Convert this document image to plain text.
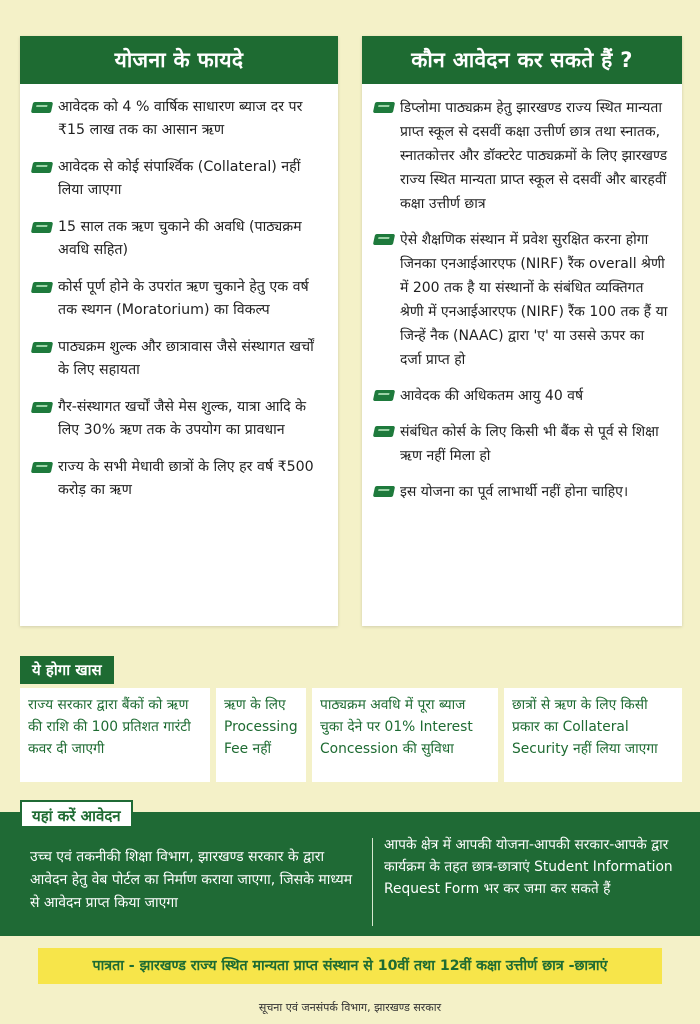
योजना के फायदे
आवेदक को 4 % वार्षिक साधारण ब्याज दर पर ₹15 लाख तक का आसान ऋण
आवेदक से कोई संपार्श्विक (Collateral) नहीं लिया जाएगा
15 साल तक ऋण चुकाने की अवधि (पाठ्यक्रम अवधि सहित)
कोर्स पूर्ण होने के उपरांत ऋण चुकाने हेतु एक वर्ष तक स्थगन (Moratorium) का विकल्प
पाठ्यक्रम शुल्क और छात्रावास जैसे संस्थागत खर्चों के लिए सहायता
गैर-संस्थागत खर्चों जैसे मेस शुल्क, यात्रा आदि के लिए 30% ऋण तक के उपयोग का प्रावधान
राज्य के सभी मेधावी छात्रों के लिए हर वर्ष ₹500 करोड़ का ऋण
कौन आवेदन कर सकते हैं ?
डिप्लोमा पाठ्यक्रम हेतु झारखण्ड राज्य स्थित मान्यता प्राप्त स्कूल से दसवीं कक्षा उत्तीर्ण छात्र तथा स्नातक, स्नातकोत्तर और डॉक्टरेट पाठ्यक्रमों के लिए झारखण्ड राज्य स्थित मान्यता प्राप्त स्कूल से दसवीं और बारहवीं कक्षा उत्तीर्ण छात्र
ऐसे शैक्षणिक संस्थान में प्रवेश सुरक्षित करना होगा जिनका एनआईआरएफ (NIRF) रैंक overall श्रेणी में 200 तक है या संस्थानों के संबंधित व्यक्तिगत श्रेणी में एनआईआरएफ (NIRF) रैंक 100 तक हैं या जिन्हें नैक (NAAC) द्वारा 'ए' या उससे ऊपर का दर्जा प्राप्त हो
आवेदक की अधिकतम आयु 40 वर्ष
संबंधित कोर्स के लिए किसी भी बैंक से पूर्व से शिक्षा ऋण नहीं मिला हो
इस योजना का पूर्व लाभार्थी नहीं होना चाहिए।
ये होगा खास
राज्य सरकार द्वारा बैंकों को ऋण की राशि की 100 प्रतिशत गारंटी कवर दी जाएगी
ऋण के लिए Processing Fee नहीं
पाठ्यक्रम अवधि में पूरा ब्याज चुका देने पर 01% Interest Concession की सुविधा
छात्रों से ऋण के लिए किसी प्रकार का Collateral Security नहीं लिया जाएगा
यहां करें आवेदन
उच्च एवं तकनीकी शिक्षा विभाग, झारखण्ड सरकार के द्वारा आवेदन हेतु वेब पोर्टल का निर्माण कराया जाएगा, जिसके माध्यम से आवेदन प्राप्त किया जाएगा
आपके क्षेत्र में आपकी योजना-आपकी सरकार-आपके द्वार कार्यक्रम के तहत छात्र-छात्राएं Student Information Request Form भर कर जमा कर सकते हैं
पात्रता - झारखण्ड राज्य स्थित मान्यता प्राप्त संस्थान से 10वीं तथा 12वीं कक्षा उत्तीर्ण छात्र -छात्राएं
सूचना एवं जनसंपर्क विभाग, झारखण्ड सरकार
